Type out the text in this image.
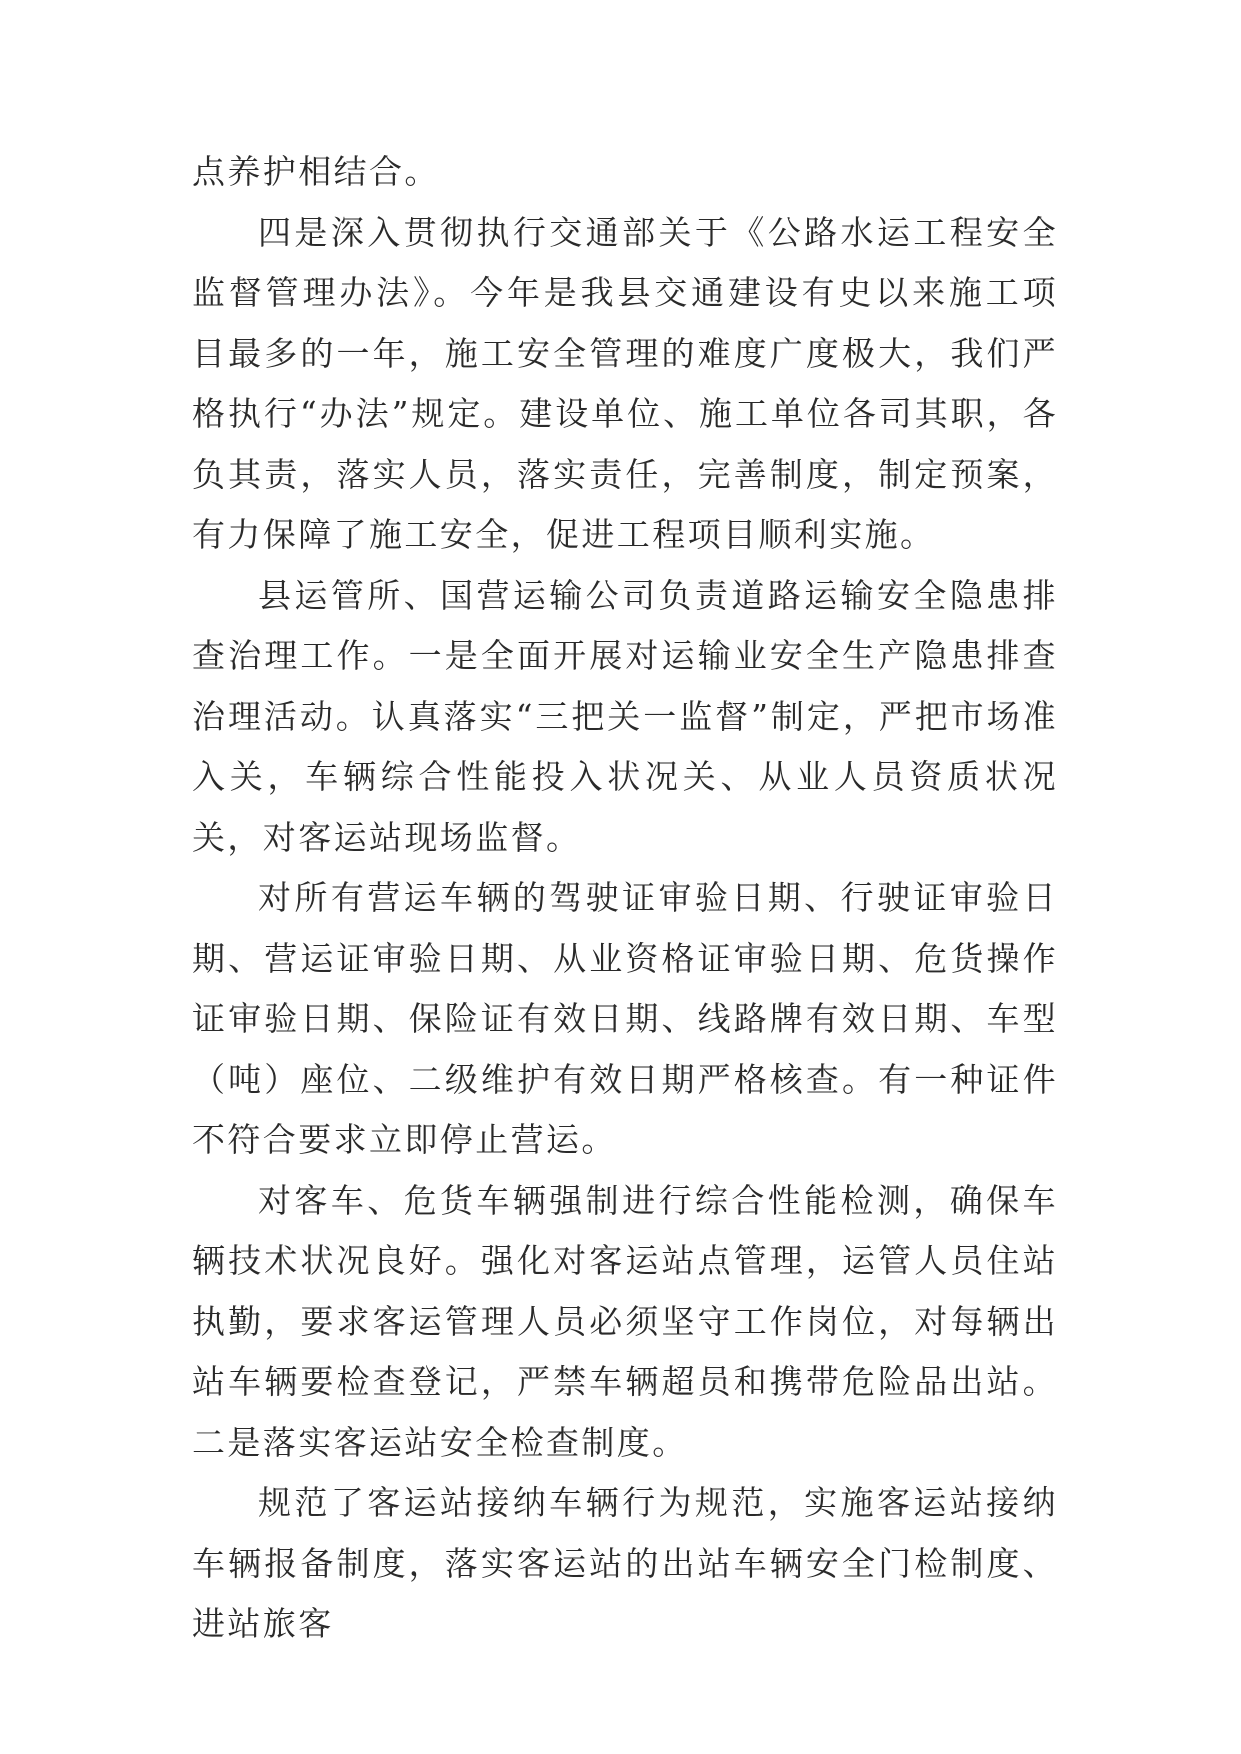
点养护相结合。

四是深入贯彻执行交通部关于《公路水运工程安全监督管理办法》。今年是我县交通建设有史以来施工项目最多的一年，施工安全管理的难度广度极大，我们严格执行“办法”规定。建设单位、施工单位各司其职，各负其责，落实人员，落实责任，完善制度，制定预案，有力保障了施工安全，促进工程项目顺利实施。

县运管所、国营运输公司负责道路运输安全隐患排查治理工作。一是全面开展对运输业安全生产隐患排查治理活动。认真落实“三把关一监督”制定，严把市场准入关，车辆综合性能投入状况关、从业人员资质状况关，对客运站现场监督。

对所有营运车辆的驾驶证审验日期、行驶证审验日期、营运证审验日期、从业资格证审验日期、危货操作证审验日期、保险证有效日期、线路牌有效日期、车型（吨）座位、二级维护有效日期严格核查。有一种证件不符合要求立即停止营运。

对客车、危货车辆强制进行综合性能检测，确保车辆技术状况良好。强化对客运站点管理，运管人员住站执勤，要求客运管理人员必须坚守工作岗位，对每辆出站车辆要检查登记，严禁车辆超员和携带危险品出站。二是落实客运站安全检查制度。

规范了客运站接纳车辆行为规范，实施客运站接纳车辆报备制度，落实客运站的出站车辆安全门检制度、进站旅客
